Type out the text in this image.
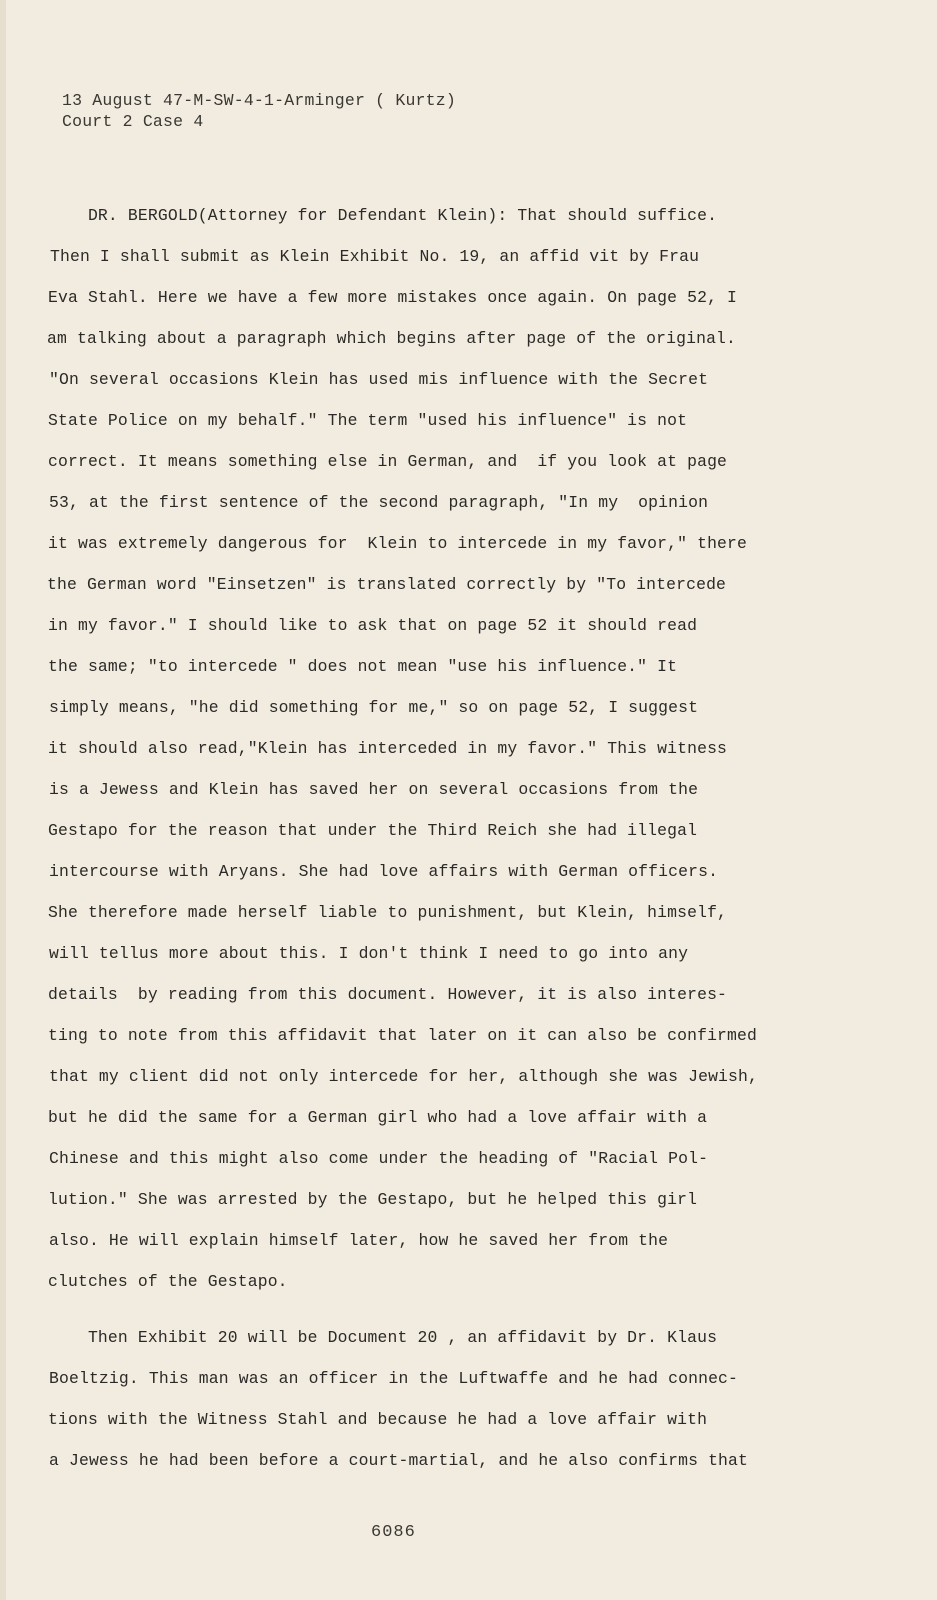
13 August 47-M-SW-4-1-Arminger ( Kurtz)
Court 2 Case 4
DR. BERGOLD(Attorney for Defendant Klein): That should suffice.
Then I shall submit as Klein Exhibit No. 19, an affid vit by Frau
Eva Stahl. Here we have a few more mistakes once again. On page 52, I
am talking about a paragraph which begins after page of the original.
"On several occasions Klein has used mis influence with the Secret
State Police on my behalf." The term "used his influence" is not
correct. It means something else in German, and  if you look at page
53, at the first sentence of the second paragraph, "In my  opinion
it was extremely dangerous for  Klein to intercede in my favor," there
the German word "Einsetzen" is translated correctly by "To intercede
in my favor." I should like to ask that on page 52 it should read
the same; "to intercede " does not mean "use his influence." It
simply means, "he did something for me," so on page 52, I suggest
it should also read,"Klein has interceded in my favor." This witness
is a Jewess and Klein has saved her on several occasions from the
Gestapo for the reason that under the Third Reich she had illegal
intercourse with Aryans. She had love affairs with German officers.
She therefore made herself liable to punishment, but Klein, himself,
will tellus more about this. I don't think I need to go into any
details  by reading from this document. However, it is also interes-
ting to note from this affidavit that later on it can also be confirmed
that my client did not only intercede for her, although she was Jewish,
but he did the same for a German girl who had a love affair with a
Chinese and this might also come under the heading of "Racial Pol-
lution." She was arrested by the Gestapo, but he helped this girl
also. He will explain himself later, how he saved her from the
clutches of the Gestapo.
Then Exhibit 20 will be Document 20 , an affidavit by Dr. Klaus
Boeltzig. This man was an officer in the Luftwaffe and he had connec-
tions with the Witness Stahl and because he had a love affair with
a Jewess he had been before a court-martial, and he also confirms that
6086
